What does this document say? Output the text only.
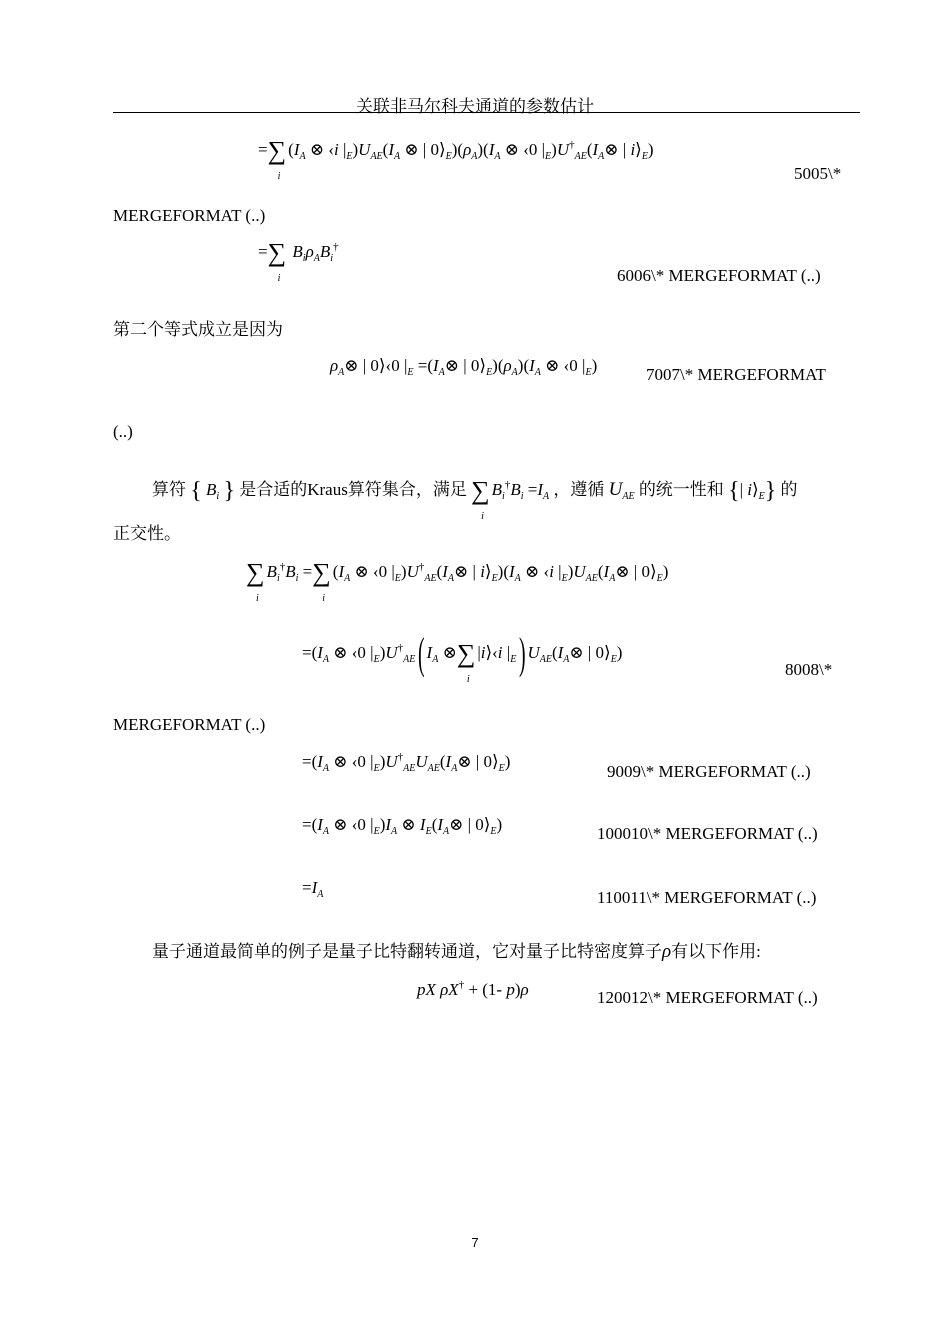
关联非马尔科夫通道的参数估计
=∑
i
($I_A$ ⊗ ‹i $|_E)U_{AE}(I_A$ ⊗ | $0⟩_E)(\rho_A)(I_A$ ⊗ ‹0 $|_E)U^\dagger_{AE}(I_A\otimes$ | $i⟩_E$)
5005\*
MERGEFORMAT (..)
=∑
i
$B_i\rho_AB_i^\dagger$
6006\* MERGEFORMAT (..)
第二个等式成立是因为
$\rho_A\otimes$ | 0⟩‹0 $|_E$ $=(I_A\otimes$ | $0⟩_E)(\rho_A)(I_A$ ⊗ ‹0 $|_E$)	7007\* MERGEFORMAT
(..)
算符 { $B_i$ } 是合适的Kraus算符集合，满足 ∑
i
$B_i^\dagger B_i =I_A$ ，遵循 $U_{AE}$ 的统一性和 {| $i⟩_E$} 的
正交性。
∑
i
$B_i^\dagger B_i$ =∑
i
($I_A$ ⊗ ‹0 $|_E)U^\dagger_{AE}(I_A\otimes$ | $i⟩_E)(I_A$ ⊗ ‹i $|_E)U_{AE}(I_A\otimes$ | $0⟩_E$)
$=(I_A$ ⊗ ‹0 $|_E)U^\dagger_{AE}$ ( $I_A$ ⊗∑
i
|i⟩‹i $|_E$ ) $U_{AE}(I_A\otimes$ | $0⟩_E$)
8008\*
MERGEFORMAT (..)
$=(I_A$ ⊗ ‹0 $|_E)U^\dagger_{AE}U_{AE}(I_A\otimes$ | $0⟩_E$)
9009\* MERGEFORMAT (..)
$=(I_A$ ⊗ ‹0 $|_E)I_A$ ⊗ $I_E(I_A\otimes$ | $0⟩_E$)	100010\* MERGEFORMAT (..)
$=I_A$	110011\* MERGEFORMAT (..)
量子通道最简单的例子是量子比特翻转通道，它对量子比特密度算子ρ有以下作用:
pX ρX† + (1- p)ρ	120012\* MERGEFORMAT (..)
7
